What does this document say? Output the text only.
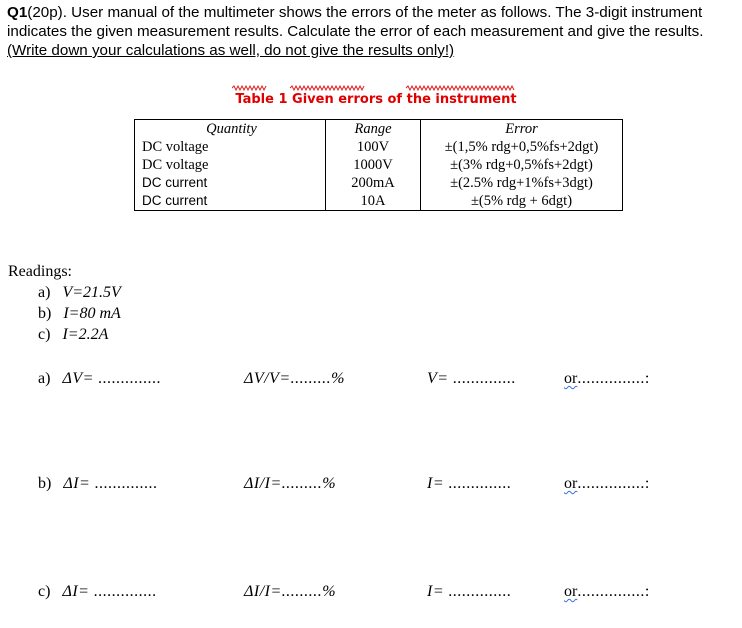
Q1(20p). User manual of the multimeter shows the errors of the meter as follows. The 3-digit instrument indicates the given measurement results. Calculate the error of each measurement and give the results. (Write down your calculations as well, do not give the results only!)
Table 1 Given errors of the instrument
Quantity	Range	Error
DC voltage	100V	±(1,5% rdg+0,5%fs+2dgt)
DC voltage	1000V	±(3% rdg+0,5%fs+2dgt)
DC current	200mA	±(2.5% rdg+1%fs+3dgt)
DC current	10A	±(5% rdg + 6dgt)
Readings:
a) V=21.5V
b) I=80 mA
c) I=2.2A
a) ΔV= ..............	ΔV/V=.........%	V= ..............	or...............:
b) ΔI= ..............	ΔI/I=.........%	I= ..............	or...............:
c) ΔI= ..............	ΔI/I=.........%	I= ..............	or...............:
